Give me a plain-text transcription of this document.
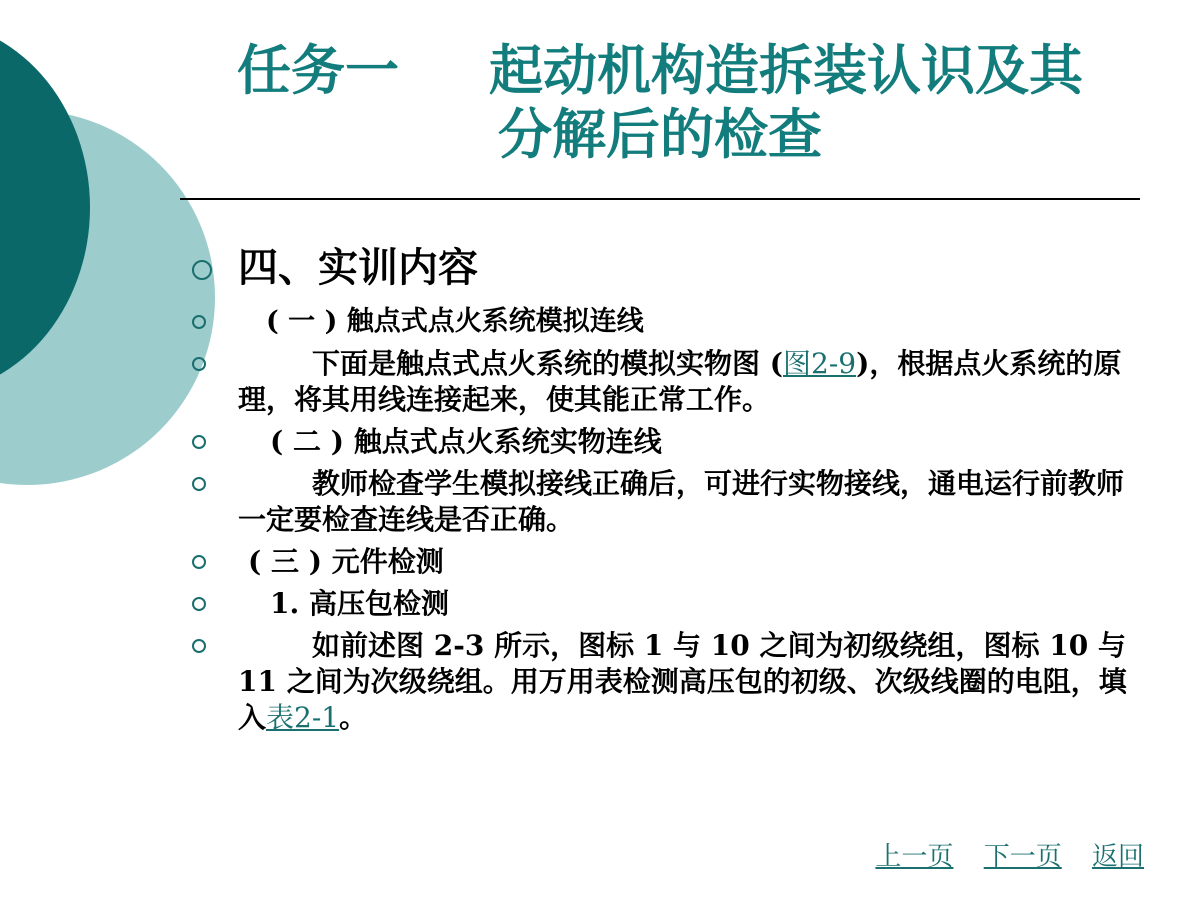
任务一 起动机构造拆装认识及其
分解后的检查
四、实训内容
( 一 ) 触点式点火系统模拟连线
下面是触点式点火系统的模拟实物图 (图2-9)，根据点火系统的原理，将其用线连接起来，使其能正常工作。
( 二 ) 触点式点火系统实物连线
教师检查学生模拟接线正确后，可进行实物接线，通电运行前教师一定要检查连线是否正确。
( 三 ) 元件检测
1. 高压包检测
如前述图 2-3 所示，图标 1 与 10 之间为初级绕组，图标 10 与 11 之间为次级绕组。用万用表检测高压包的初级、次级线圈的电阻，填入表2-1。
上一页 下一页 返回
